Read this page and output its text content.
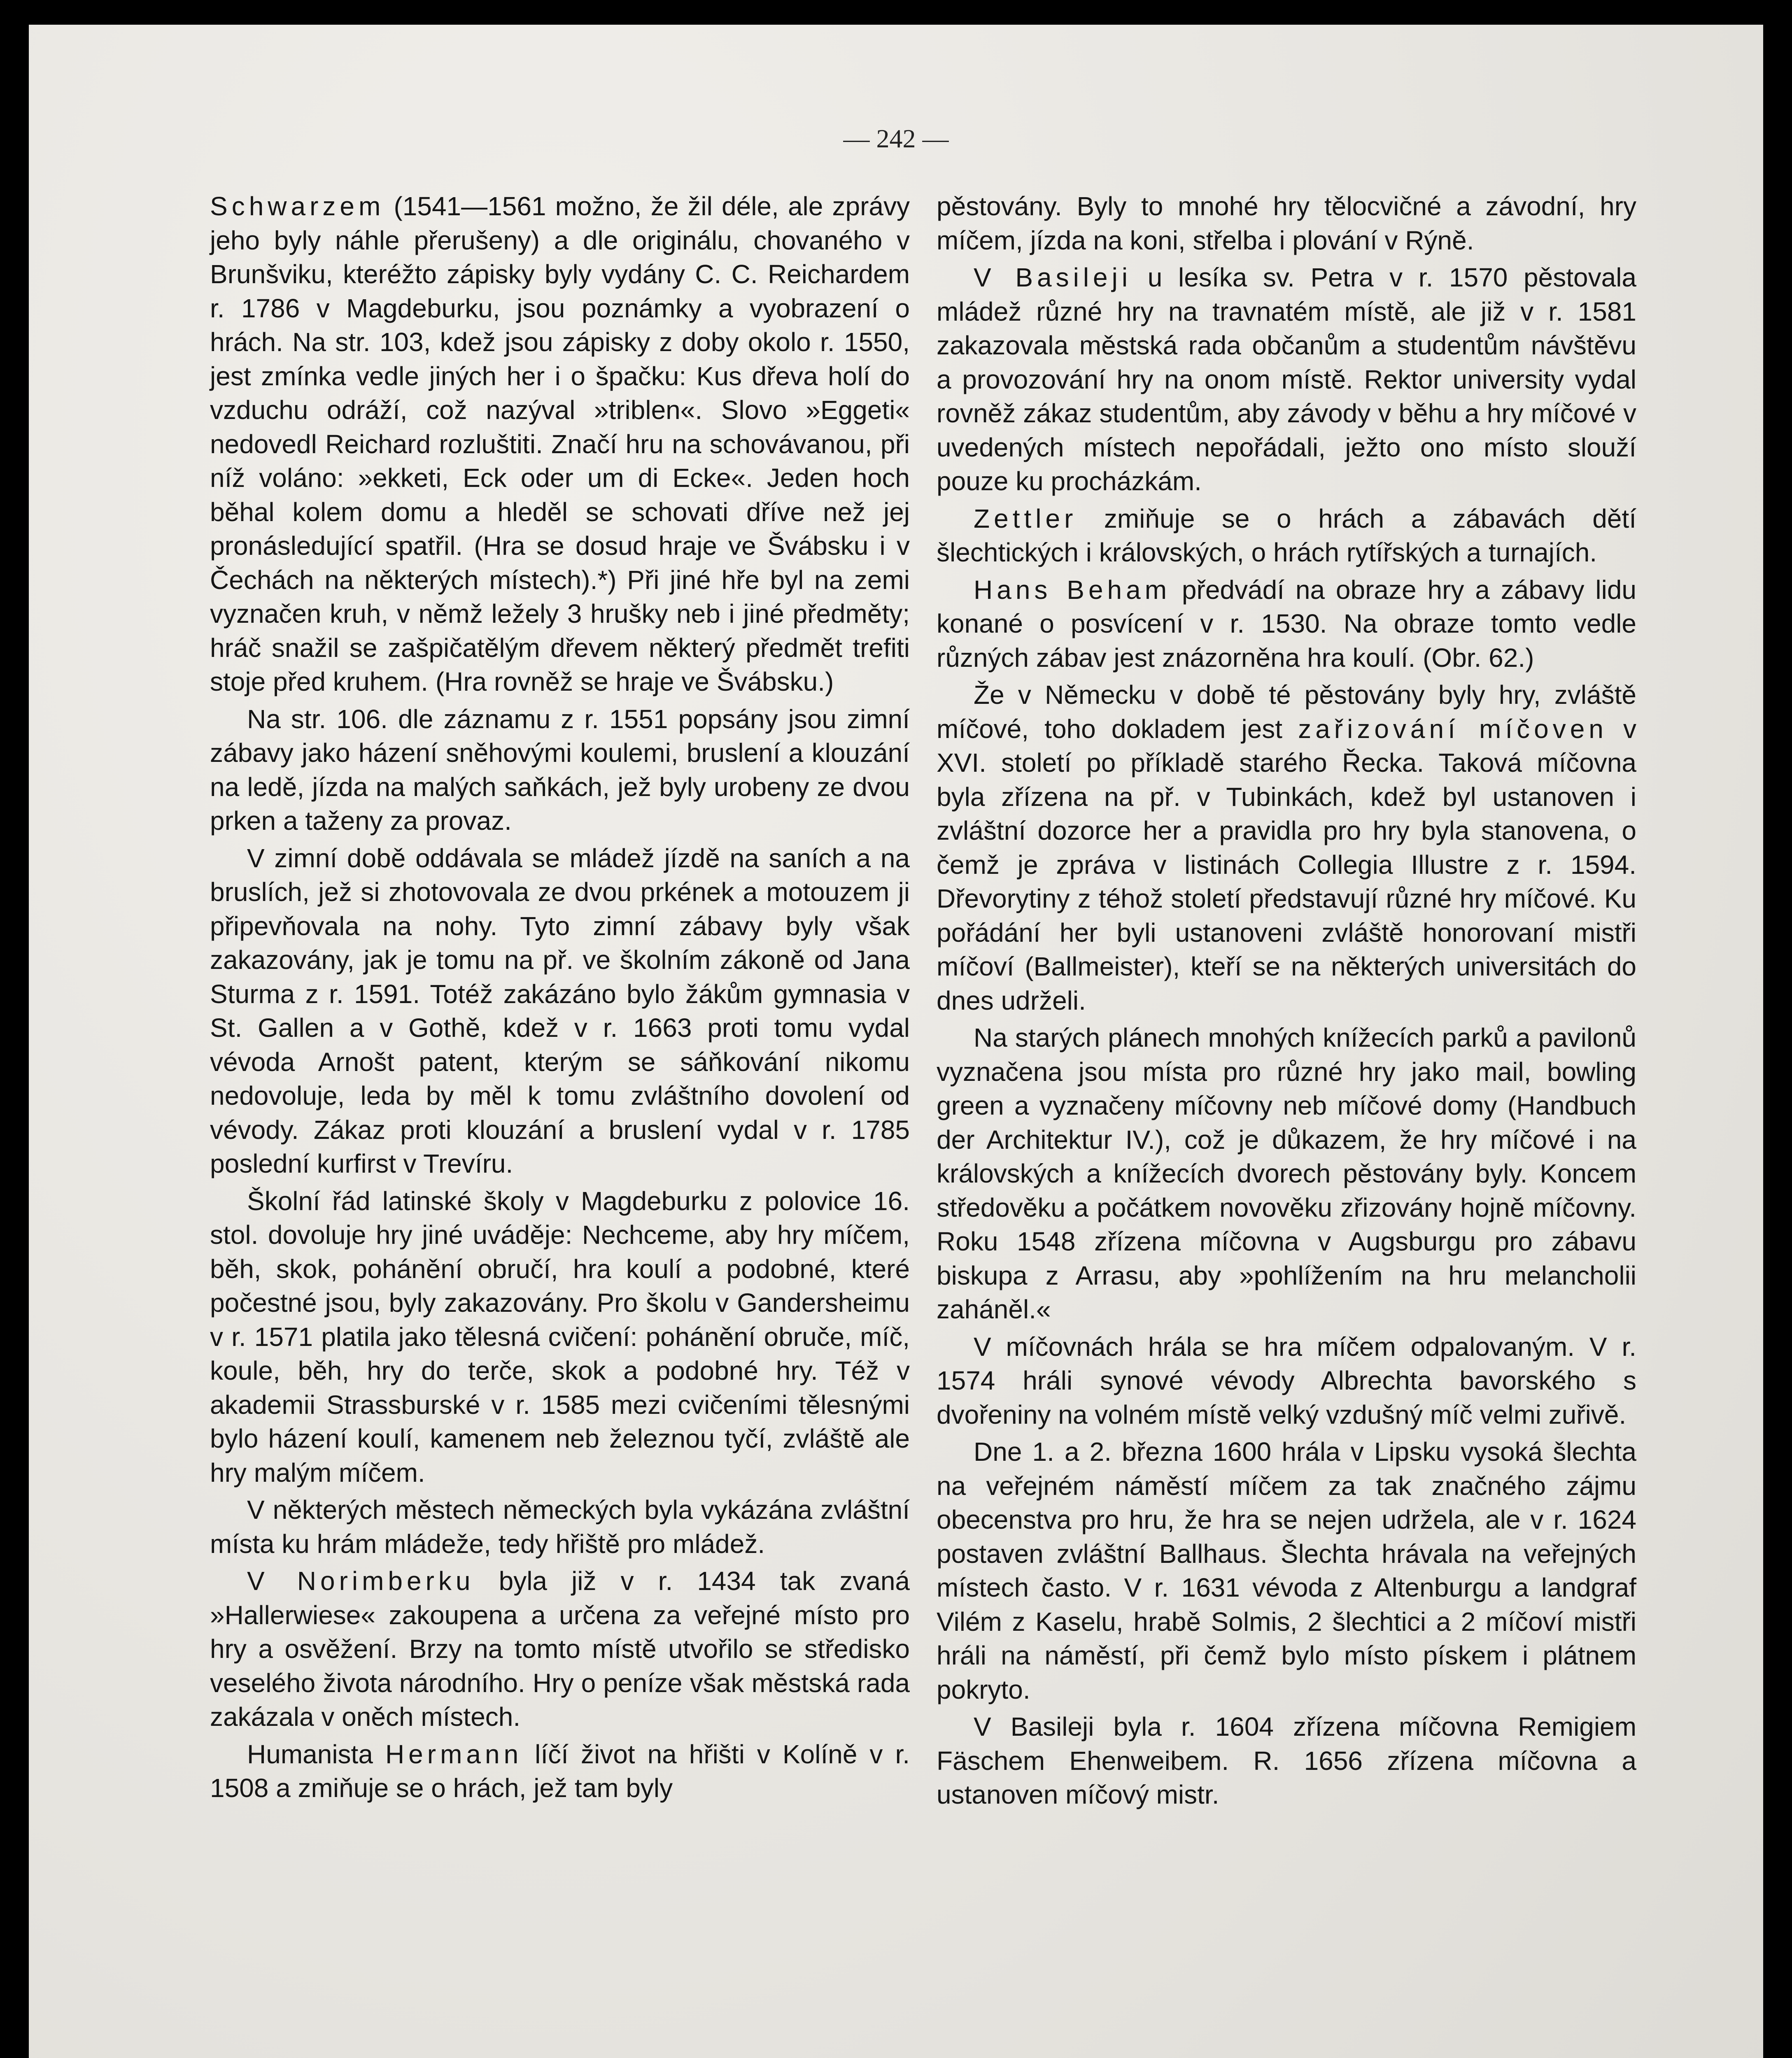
— 242 —

Schwarzem (1541—1561 možno, že žil déle, ale zprávy jeho byly náhle přerušeny) a dle originálu, chovaného v Brunšviku, kteréžto zápisky byly vydány C. C. Reichardem r. 1786 v Magdeburku, jsou poznámky a vyobrazení o hrách. Na str. 103, kdež jsou zápisky z doby okolo r. 1550, jest zmínka vedle jiných her i o špačku: Kus dřeva holí do vzduchu odráží, což nazýval »triblen«. Slovo »Eggeti« nedovedl Reichard rozluštiti. Značí hru na schovávanou, při níž voláno: »ekketi, Eck oder um di Ecke«. Jeden hoch běhal kolem domu a hleděl se schovati dříve než jej pronásledující spatřil. (Hra se dosud hraje ve Švábsku i v Čechách na některých místech).*) Při jiné hře byl na zemi vyznačen kruh, v němž ležely 3 hrušky neb i jiné předměty; hráč snažil se zašpičatělým dřevem některý předmět trefiti stoje před kruhem. (Hra rovněž se hraje ve Švábsku.)

Na str. 106. dle záznamu z r. 1551 popsány jsou zimní zábavy jako házení sněhovými koulemi, bruslení a klouzání na ledě, jízda na malých saňkách, jež byly urobeny ze dvou prken a taženy za provaz.

V zimní době oddávala se mládež jízdě na saních a na bruslích, jež si zhotovovala ze dvou prkének a motouzem ji připevňovala na nohy. Tyto zimní zábavy byly však zakazovány, jak je tomu na př. ve školním zákoně od Jana Sturma z r. 1591. Totéž zakázáno bylo žákům gymnasia v St. Gallen a v Gothě, kdež v r. 1663 proti tomu vydal vévoda Arnošt patent, kterým se sáňkování nikomu nedovoluje, leda by měl k tomu zvláštního dovolení od vévody. Zákaz proti klouzání a bruslení vydal v r. 1785 poslední kurfirst v Trevíru.

Školní řád latinské školy v Magdeburku z polovice 16. stol. dovoluje hry jiné uváděje: Nechceme, aby hry míčem, běh, skok, pohánění obručí, hra koulí a podobné, které počestné jsou, byly zakazovány. Pro školu v Gandersheimu v r. 1571 platila jako tělesná cvičení: pohánění obruče, míč, koule, běh, hry do terče, skok a podobné hry. Též v akademii Strassburské v r. 1585 mezi cvičeními tělesnými bylo házení koulí, kamenem neb železnou tyčí, zvláště ale hry malým míčem.

V některých městech německých byla vykázána zvláštní místa ku hrám mládeže, tedy hřiště pro mládež.

V Norimberku byla již v r. 1434 tak zvaná »Hallerwiese« zakoupena a určena za veřejné místo pro hry a osvěžení. Brzy na tomto místě utvořilo se středisko veselého života národního. Hry o peníze však městská rada zakázala v oněch místech.

Humanista Hermann líčí život na hřišti v Kolíně v r. 1508 a zmiňuje se o hrách, jež tam byly

pěstovány. Byly to mnohé hry tělocvičné a závodní, hry míčem, jízda na koni, střelba i plování v Rýně.

V Basileji u lesíka sv. Petra v r. 1570 pěstovala mládež různé hry na travnatém místě, ale již v r. 1581 zakazovala městská rada občanům a studentům návštěvu a provozování hry na onom místě. Rektor university vydal rovněž zákaz studentům, aby závody v běhu a hry míčové v uvedených místech nepořádali, ježto ono místo slouží pouze ku procházkám.

Zettler zmiňuje se o hrách a zábavách dětí šlechtických i královských, o hrách rytířských a turnajích.

Hans Beham předvádí na obraze hry a zábavy lidu konané o posvícení v r. 1530. Na obraze tomto vedle různých zábav jest znázorněna hra koulí. (Obr. 62.)

Že v Německu v době té pěstovány byly hry, zvláště míčové, toho dokladem jest zařizování míčoven v XVI. století po příkladě starého Řecka. Taková míčovna byla zřízena na př. v Tubinkách, kdež byl ustanoven i zvláštní dozorce her a pravidla pro hry byla stanovena, o čemž je zpráva v listinách Collegia Illustre z r. 1594. Dřevorytiny z téhož století představují různé hry míčové. Ku pořádání her byli ustanoveni zvláště honorovaní mistři míčoví (Ballmeister), kteří se na některých universitách do dnes udrželi.

Na starých plánech mnohých knížecích parků a pavilonů vyznačena jsou místa pro různé hry jako mail, bowling green a vyznačeny míčovny neb míčové domy (Handbuch der Architektur IV.), což je důkazem, že hry míčové i na královských a knížecích dvorech pěstovány byly. Koncem středověku a počátkem novověku zřizovány hojně míčovny. Roku 1548 zřízena míčovna v Augsburgu pro zábavu biskupa z Arrasu, aby »pohlížením na hru melancholii zaháněl.«

V míčovnách hrála se hra míčem odpalovaným. V r. 1574 hráli synové vévody Albrechta bavorského s dvořeniny na volném místě velký vzdušný míč velmi zuřivě.

Dne 1. a 2. března 1600 hrála v Lipsku vysoká šlechta na veřejném náměstí míčem za tak značného zájmu obecenstva pro hru, že hra se nejen udržela, ale v r. 1624 postaven zvláštní Ballhaus. Šlechta hrávala na veřejných místech často. V r. 1631 vévoda z Altenburgu a landgraf Vilém z Kaselu, hrabě Solmis, 2 šlechtici a 2 míčoví mistři hráli na náměstí, při čemž bylo místo pískem i plátnem pokryto.

V Basileji byla r. 1604 zřízena míčovna Remigiem Fäschem Ehenweibem. R. 1656 zřízena míčovna a ustanoven míčový mistr.
